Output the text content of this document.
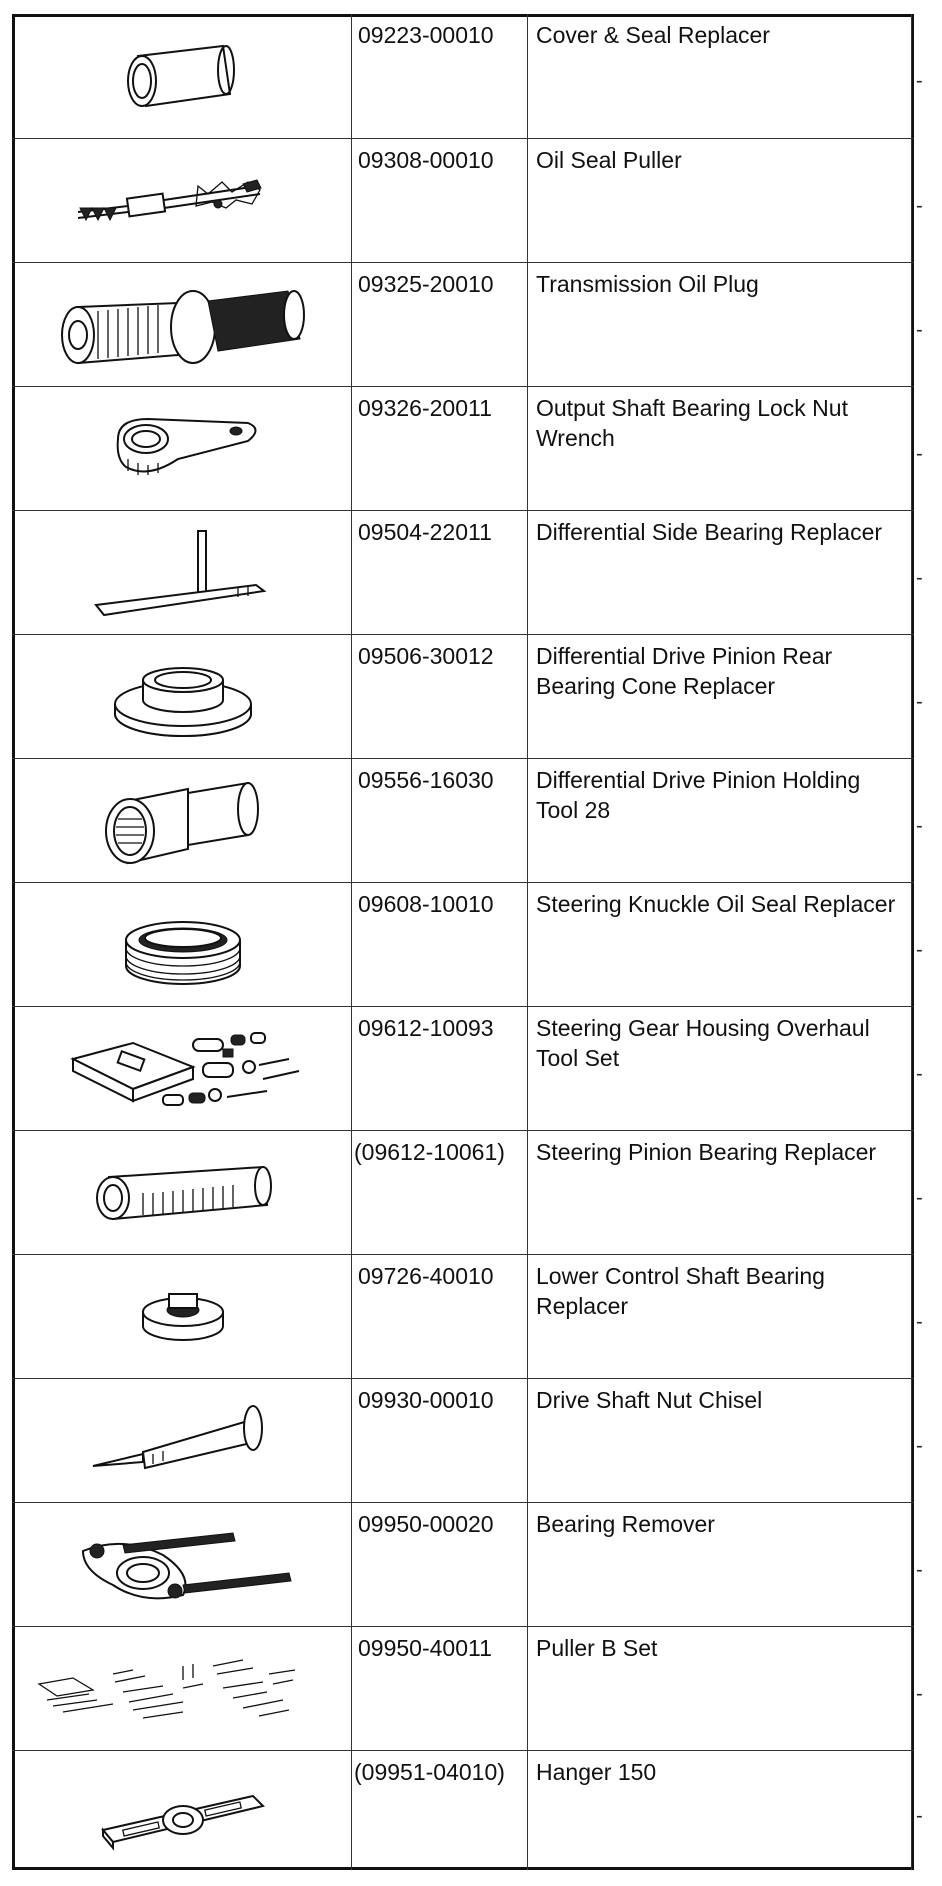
09223-00010	Cover & Seal Replacer
-
09308-00010	Oil Seal Puller
-
09325-20010	Transmission Oil Plug
-
09326-20011	Output Shaft Bearing Lock Nut Wrench
-
09504-22011	Differential Side Bearing Replacer
-
09506-30012	Differential Drive Pinion Rear Bearing Cone Replacer
-
09556-16030	Differential Drive Pinion Holding Tool 28
-
09608-10010	Steering Knuckle Oil Seal Replacer
-
09612-10093	Steering Gear Housing Overhaul Tool Set
-
(09612-10061)	Steering Pinion Bearing Replacer
-
09726-40010	Lower Control Shaft Bearing Replacer
-
09930-00010	Drive Shaft Nut Chisel
-
09950-00020	Bearing Remover
-
09950-40011	Puller B Set
-
(09951-04010)	Hanger 150
-
